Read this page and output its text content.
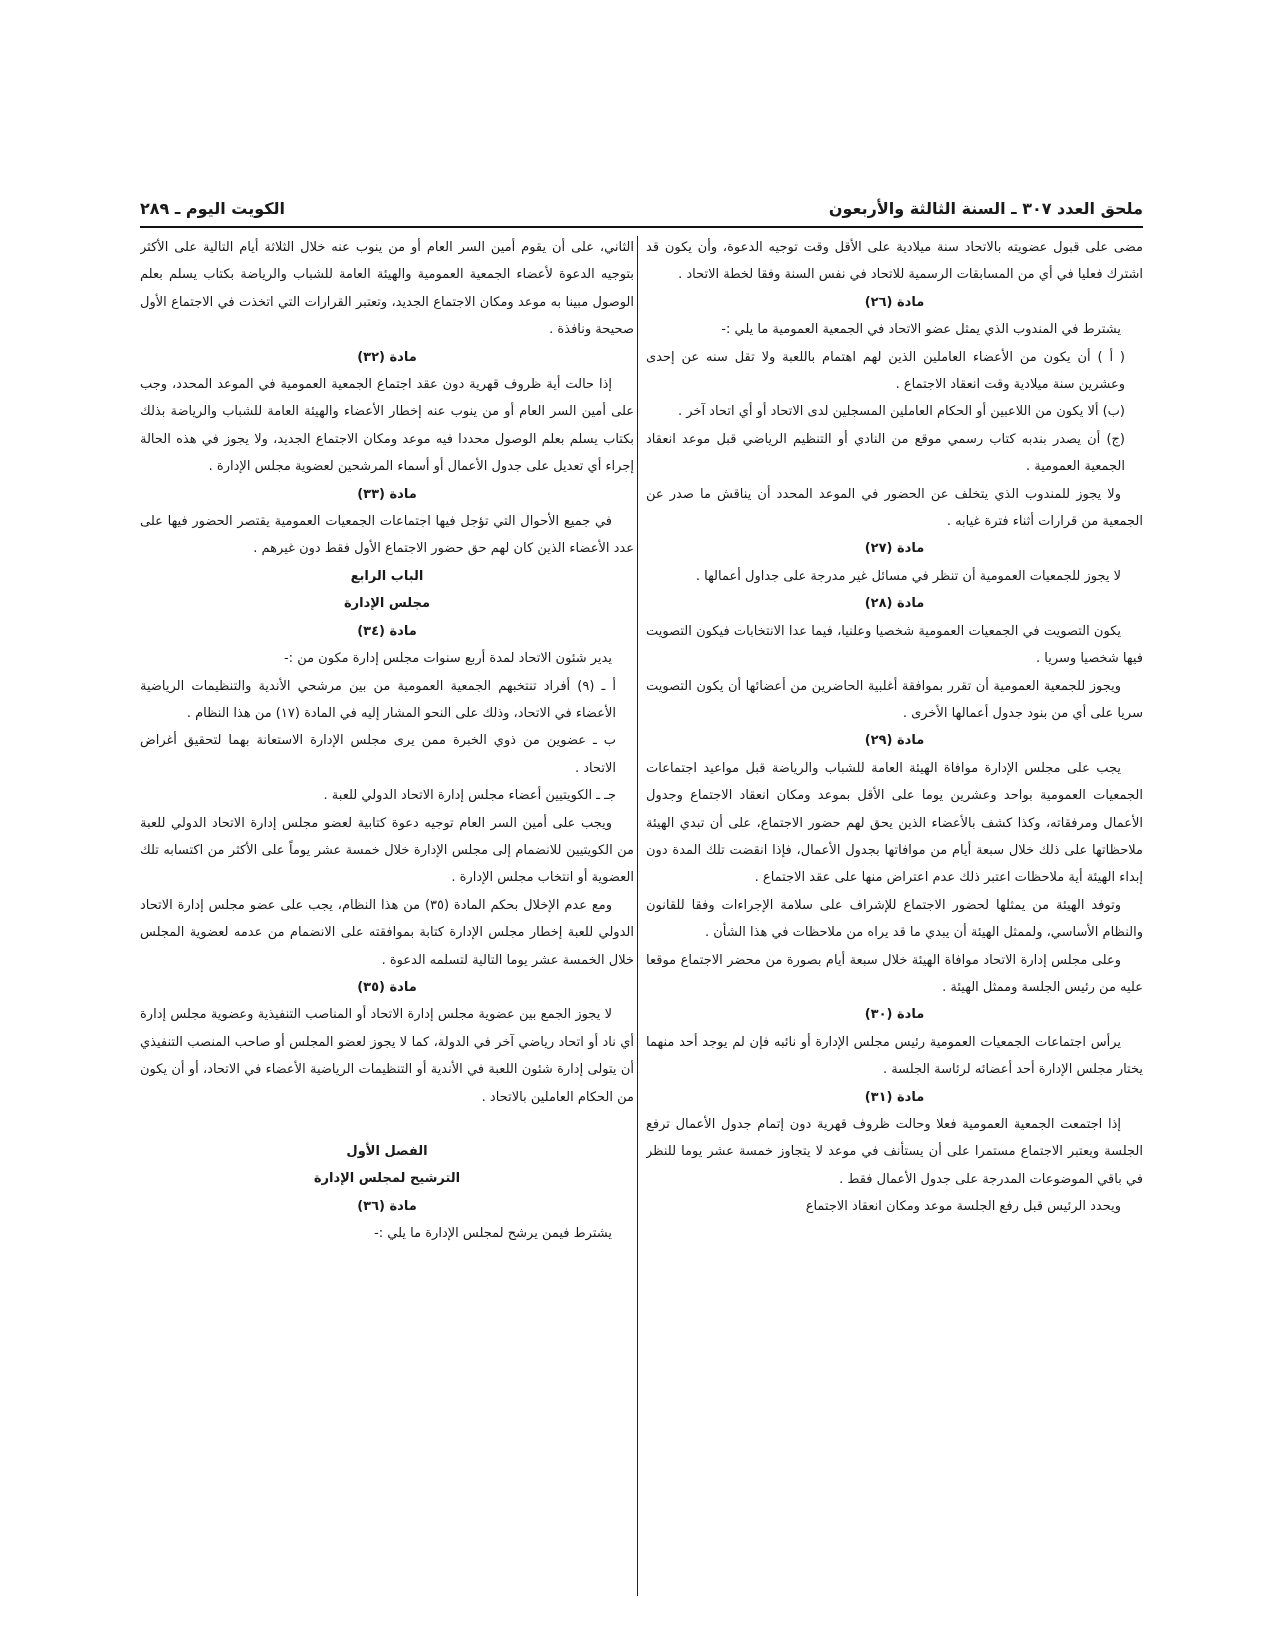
ملحق العدد ٣٠٧ ـ السنة الثالثة والأربعون
الكويت اليوم ـ ٢٨٩

مضى على قبول عضويته بالاتحاد سنة ميلادية على الأقل وقت توجيه الدعوة، وأن يكون قد اشترك فعليا في أي من المسابقات الرسمية للاتحاد في نفس السنة وفقا لخطة الاتحاد .

مادة (٢٦)

يشترط في المندوب الذي يمثل عضو الاتحاد في الجمعية العمومية ما يلي :-

( أ ) أن يكون من الأعضاء العاملين الذين لهم اهتمام باللعبة ولا تقل سنه عن إحدى وعشرين سنة ميلادية وقت انعقاد الاجتماع .

(ب) ألا يكون من اللاعبين أو الحكام العاملين المسجلين لدى الاتحاد أو أي اتحاد آخر .

(ج) أن يصدر بندبه كتاب رسمي موقع من النادي أو التنظيم الرياضي قبل موعد انعقاد الجمعية العمومية .

ولا يجوز للمندوب الذي يتخلف عن الحضور في الموعد المحدد أن يناقش ما صدر عن الجمعية من قرارات أثناء فترة غيابه .

مادة (٢٧)

لا يجوز للجمعيات العمومية أن تنظر في مسائل غير مدرجة على جداول أعمالها .

مادة (٢٨)

يكون التصويت في الجمعيات العمومية شخصيا وعلنيا، فيما عدا الانتخابات فيكون التصويت فيها شخصيا وسريا .

ويجوز للجمعية العمومية أن تقرر بموافقة أغلبية الحاضرين من أعضائها أن يكون التصويت سريا على أي من بنود جدول أعمالها الأخرى .

مادة (٢٩)

يجب على مجلس الإدارة موافاة الهيئة العامة للشباب والرياضة قبل مواعيد اجتماعات الجمعيات العمومية بواحد وعشرين يوما على الأقل بموعد ومكان انعقاد الاجتماع وجدول الأعمال ومرفقاته، وكذا كشف بالأعضاء الذين يحق لهم حضور الاجتماع، على أن تبدي الهيئة ملاحظاتها على ذلك خلال سبعة أيام من موافاتها بجدول الأعمال، فإذا انقضت تلك المدة دون إبداء الهيئة أية ملاحظات اعتبر ذلك عدم اعتراض منها على عقد الاجتماع .

وتوفد الهيئة من يمثلها لحضور الاجتماع للإشراف على سلامة الإجراءات وفقا للقانون والنظام الأساسي، ولممثل الهيئة أن يبدي ما قد يراه من ملاحظات في هذا الشأن .

وعلى مجلس إدارة الاتحاد موافاة الهيئة خلال سبعة أيام بصورة من محضر الاجتماع موقعا عليه من رئيس الجلسة وممثل الهيئة .

مادة (٣٠)

يرأس اجتماعات الجمعيات العمومية رئيس مجلس الإدارة أو نائبه فإن لم يوجد أحد منهما يختار مجلس الإدارة أحد أعضائه لرئاسة الجلسة .

مادة (٣١)

إذا اجتمعت الجمعية العمومية فعلا وحالت ظروف قهرية دون إتمام جدول الأعمال ترفع الجلسة ويعتبر الاجتماع مستمرا على أن يستأنف في موعد لا يتجاوز خمسة عشر يوما للنظر في باقي الموضوعات المدرجة على جدول الأعمال فقط .

ويحدد الرئيس قبل رفع الجلسة موعد ومكان انعقاد الاجتماع

الثاني، على أن يقوم أمين السر العام أو من ينوب عنه خلال الثلاثة أيام التالية على الأكثر بتوجيه الدعوة لأعضاء الجمعية العمومية والهيئة العامة للشباب والرياضة بكتاب يسلم بعلم الوصول مبينا به موعد ومكان الاجتماع الجديد، وتعتبر القرارات التي اتخذت في الاجتماع الأول صحيحة ونافذة .

مادة (٣٢)

إذا حالت أية ظروف قهرية دون عقد اجتماع الجمعية العمومية في الموعد المحدد، وجب على أمين السر العام أو من ينوب عنه إخطار الأعضاء والهيئة العامة للشباب والرياضة بذلك بكتاب يسلم بعلم الوصول محددا فيه موعد ومكان الاجتماع الجديد، ولا يجوز في هذه الحالة إجراء أي تعديل على جدول الأعمال أو أسماء المرشحين لعضوية مجلس الإدارة .

مادة (٣٣)

في جميع الأحوال التي تؤجل فيها اجتماعات الجمعيات العمومية يقتصر الحضور فيها على عدد الأعضاء الذين كان لهم حق حضور الاجتماع الأول فقط دون غيرهم .

الباب الرابع

مجلس الإدارة

مادة (٣٤)

يدير شئون الاتحاد لمدة أربع سنوات مجلس إدارة مكون من :-

أ ـ (٩) أفراد تنتخبهم الجمعية العمومية من بين مرشحي الأندية والتنظيمات الرياضية الأعضاء في الاتحاد، وذلك على النحو المشار إليه في المادة (١٧) من هذا النظام .

ب ـ عضوين من ذوي الخبرة ممن يرى مجلس الإدارة الاستعانة بهما لتحقيق أغراض الاتحاد .

جـ ـ الكويتيين أعضاء مجلس إدارة الاتحاد الدولي للعبة .

ويجب على أمين السر العام توجيه دعوة كتابية لعضو مجلس إدارة الاتحاد الدولي للعبة من الكويتيين للانضمام إلى مجلس الإدارة خلال خمسة عشر يوماً على الأكثر من اكتسابه تلك العضوية أو انتخاب مجلس الإدارة .

ومع عدم الإخلال بحكم المادة (٣٥) من هذا النظام، يجب على عضو مجلس إدارة الاتحاد الدولي للعبة إخطار مجلس الإدارة كتابة بموافقته على الانضمام من عدمه لعضوية المجلس خلال الخمسة عشر يوما التالية لتسلمه الدعوة .

مادة (٣٥)

لا يجوز الجمع بين عضوية مجلس إدارة الاتحاد أو المناصب التنفيذية وعضوية مجلس إدارة أي ناد أو اتحاد رياضي آخر في الدولة، كما لا يجوز لعضو المجلس أو صاحب المنصب التنفيذي أن يتولى إدارة شئون اللعبة في الأندية أو التنظيمات الرياضية الأعضاء في الاتحاد، أو أن يكون من الحكام العاملين بالاتحاد .

الفصل الأول

الترشيح لمجلس الإدارة

مادة (٣٦)

يشترط فيمن يرشح لمجلس الإدارة ما يلي :-
